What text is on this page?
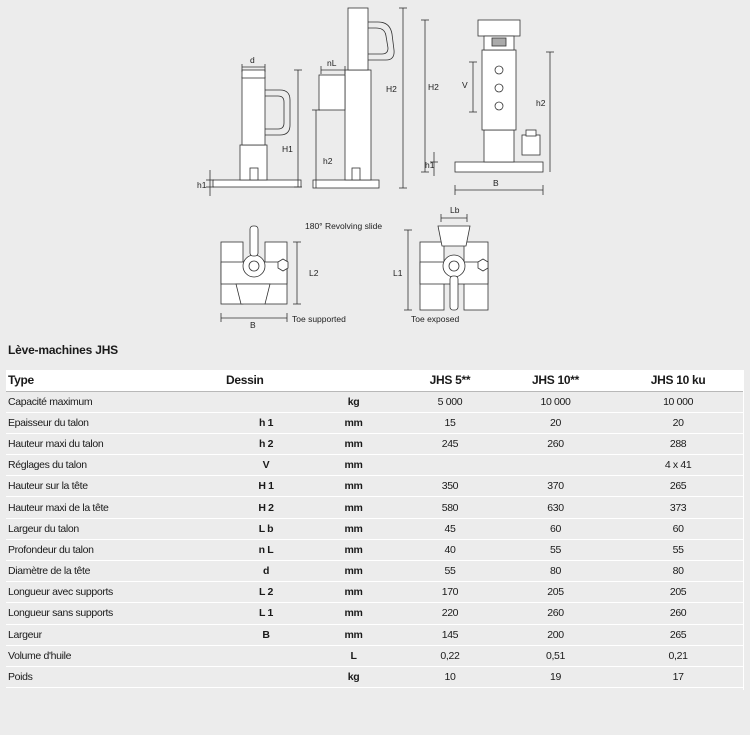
d
H1
h1
nL
H2
h2
H2	V
h2
h1
B
180° Revolving slide
Lb
L2	L1
B
Toe supported	Toe exposed
Lève-machines JHS
Type	Dessin		JHS 5**	JHS 10**	JHS 10 ku
Capacité maximum		kg	5 000	10 000	10 000
Epaisseur du talon	h 1	mm	15	20	20
Hauteur maxi du talon	h 2	mm	245	260	288
Réglages du talon	V	mm			4 x 41
Hauteur sur la tête	H 1	mm	350	370	265
Hauteur maxi de la tête	H 2	mm	580	630	373
Largeur du talon	L b	mm	45	60	60
Profondeur du talon	n L	mm	40	55	55
Diamètre de la tête	d	mm	55	80	80
Longueur avec supports	L 2	mm	170	205	205
Longueur sans supports	L 1	mm	220	260	260
Largeur	B	mm	145	200	265
Volume d'huile		L	0,22	0,51	0,21
Poids		kg	10	19	17
